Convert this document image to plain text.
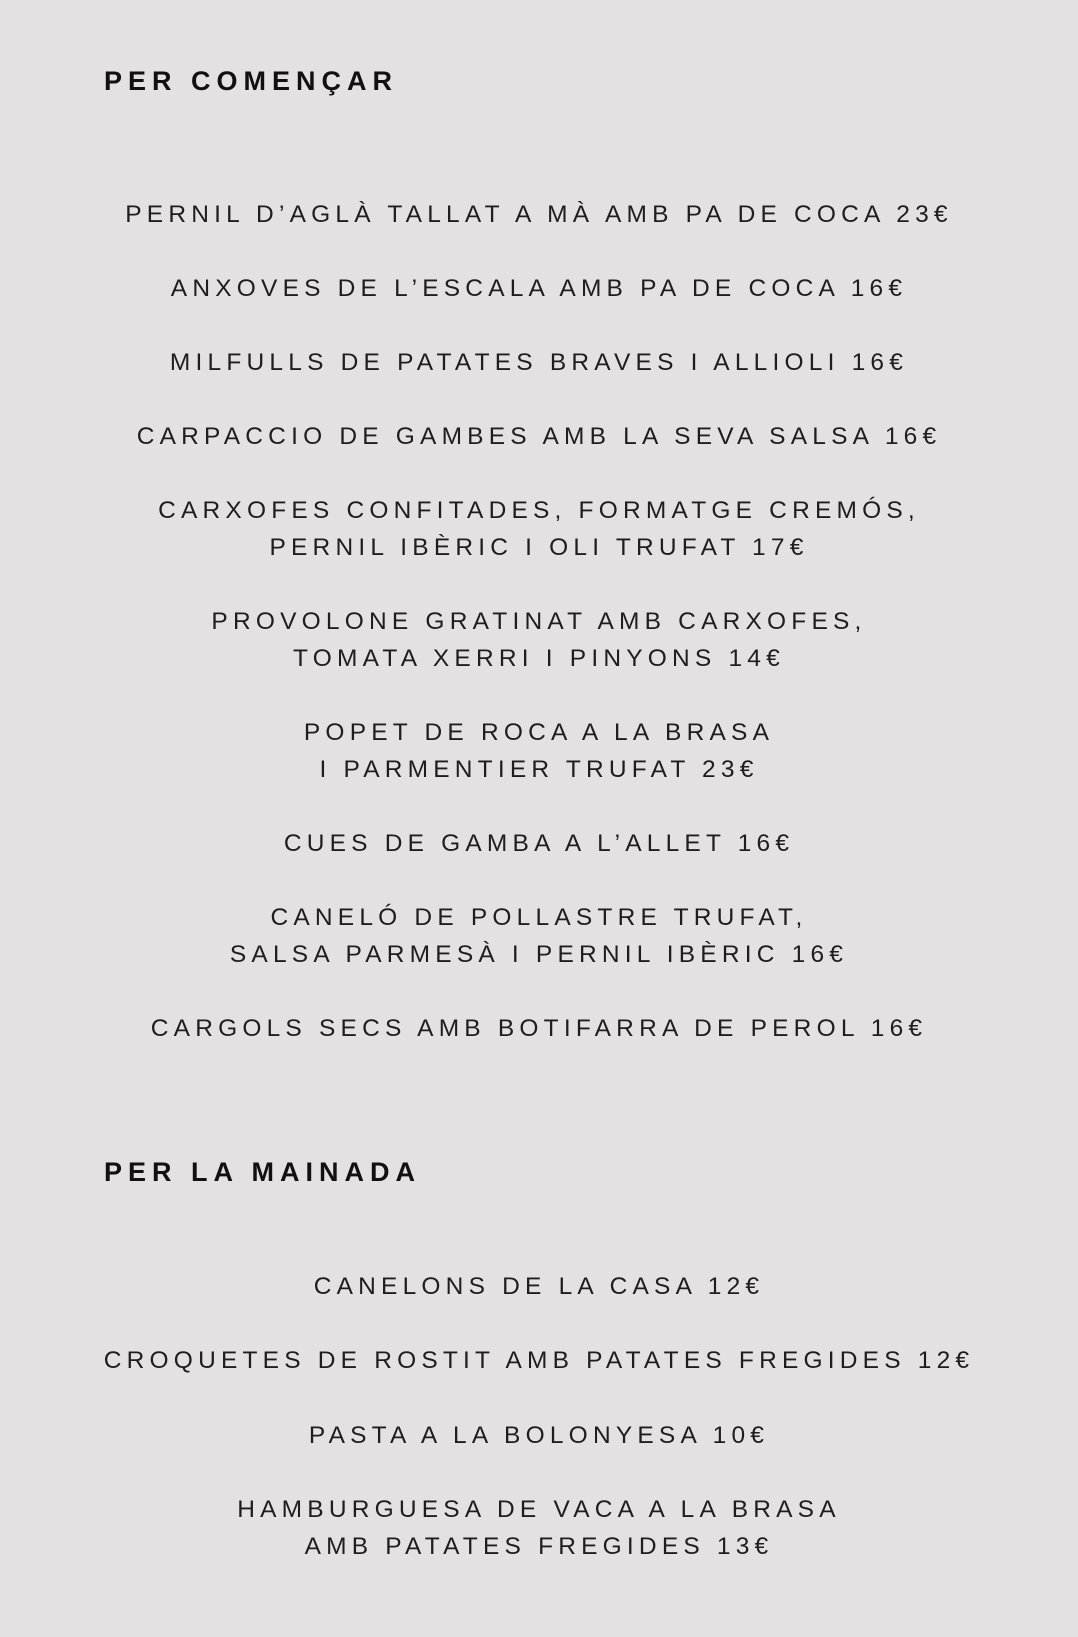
PER COMENÇAR
PERNIL D’AGLÀ TALLAT A MÀ AMB PA DE COCA 23€
ANXOVES DE L’ESCALA AMB PA DE COCA 16€
MILFULLS DE PATATES BRAVES I ALLIOLI 16€
CARPACCIO DE GAMBES AMB LA SEVA SALSA 16€
CARXOFES CONFITADES, FORMATGE CREMÓS,
PERNIL IBÈRIC I OLI TRUFAT 17€
PROVOLONE GRATINAT AMB CARXOFES,
TOMATA XERRI I PINYONS 14€
POPET DE ROCA A LA BRASA
I PARMENTIER TRUFAT 23€
CUES DE GAMBA A L’ALLET 16€
CANELÓ DE POLLASTRE TRUFAT,
SALSA PARMESÀ I PERNIL IBÈRIC 16€
CARGOLS SECS AMB BOTIFARRA DE PEROL 16€
PER LA MAINADA
CANELONS DE LA CASA 12€
CROQUETES DE ROSTIT AMB PATATES FREGIDES 12€
PASTA A LA BOLONYESA 10€
HAMBURGUESA DE VACA A LA BRASA
AMB PATATES FREGIDES 13€
